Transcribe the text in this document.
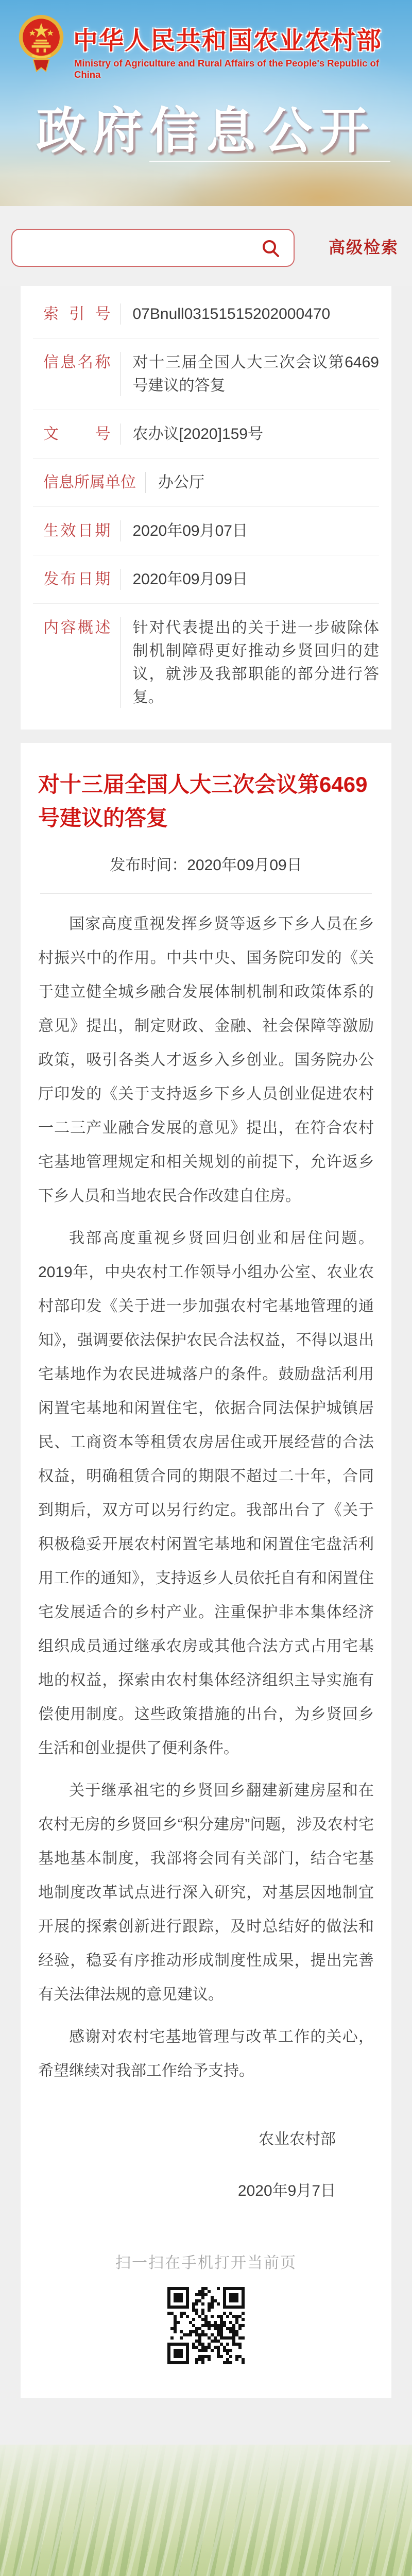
中华人民共和国农业农村部
Ministry of Agriculture and Rural Affairs of the People's Republic of China
政府信息公开
高级检索
索引号 07Bnull03151515202000470
信息名称 对十三届全国人大三次会议第6469号建议的答复
文号 农办议[2020]159号
信息所属单位 办公厅
生效日期 2020年09月07日
发布日期 2020年09月09日
内容概述 针对代表提出的关于进一步破除体制机制障碍更好推动乡贤回归的建议，就涉及我部职能的部分进行答复。
对十三届全国人大三次会议第6469号建议的答复
发布时间：2020年09月09日

国家高度重视发挥乡贤等返乡下乡人员在乡村振兴中的作用。中共中央、国务院印发的《关于建立健全城乡融合发展体制机制和政策体系的意见》提出，制定财政、金融、社会保障等激励政策，吸引各类人才返乡入乡创业。国务院办公厅印发的《关于支持返乡下乡人员创业促进农村一二三产业融合发展的意见》提出，在符合农村宅基地管理规定和相关规划的前提下，允许返乡下乡人员和当地农民合作改建自住房。

我部高度重视乡贤回归创业和居住问题。2019年，中央农村工作领导小组办公室、农业农村部印发《关于进一步加强农村宅基地管理的通知》，强调要依法保护农民合法权益，不得以退出宅基地作为农民进城落户的条件。鼓励盘活利用闲置宅基地和闲置住宅，依据合同法保护城镇居民、工商资本等租赁农房居住或开展经营的合法权益，明确租赁合同的期限不超过二十年，合同到期后，双方可以另行约定。我部出台了《关于积极稳妥开展农村闲置宅基地和闲置住宅盘活利用工作的通知》，支持返乡人员依托自有和闲置住宅发展适合的乡村产业。注重保护非本集体经济组织成员通过继承农房或其他合法方式占用宅基地的权益，探索由农村集体经济组织主导实施有偿使用制度。这些政策措施的出台，为乡贤回乡生活和创业提供了便利条件。

关于继承祖宅的乡贤回乡翻建新建房屋和在农村无房的乡贤回乡“积分建房”问题，涉及农村宅基地基本制度，我部将会同有关部门，结合宅基地制度改革试点进行深入研究，对基层因地制宜开展的探索创新进行跟踪，及时总结好的做法和经验，稳妥有序推动形成制度性成果，提出完善有关法律法规的意见建议。

感谢对农村宅基地管理与改革工作的关心，希望继续对我部工作给予支持。

农业农村部
2020年9月7日
扫一扫在手机打开当前页
